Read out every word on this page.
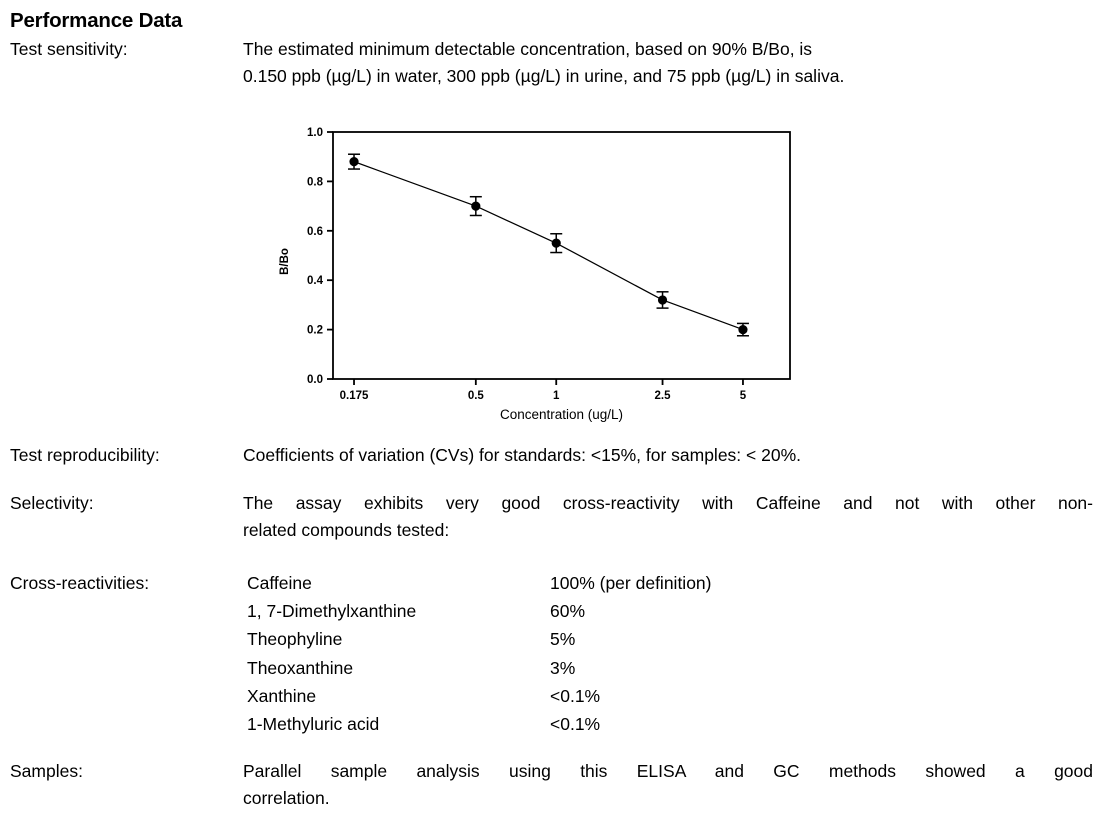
Performance Data
Test sensitivity:	The estimated minimum detectable concentration, based on 90% B/Bo, is
0.150 ppb (µg/L) in water, 300 ppb (µg/L) in urine, and 75 ppb (µg/L) in saliva.
0.0
0.2
0.4
0.6
0.8
1.0
0.175	0.5	1	2.5	5
Concentration (ug/L)
B/Bo
Test reproducibility:	Coefficients of variation (CVs) for standards: <15%, for samples: < 20%.
Selectivity:	The assay exhibits very good cross-reactivity with Caffeine and not with other non-
related compounds tested:
Cross-reactivities:	Caffeine	100% (per definition)
1, 7-Dimethylxanthine	60%
Theophyline	5%
Theoxanthine	3%
Xanthine	<0.1%
1-Methyluric acid	<0.1%
Samples:	Parallel sample analysis using this ELISA and GC methods showed a good
correlation.
